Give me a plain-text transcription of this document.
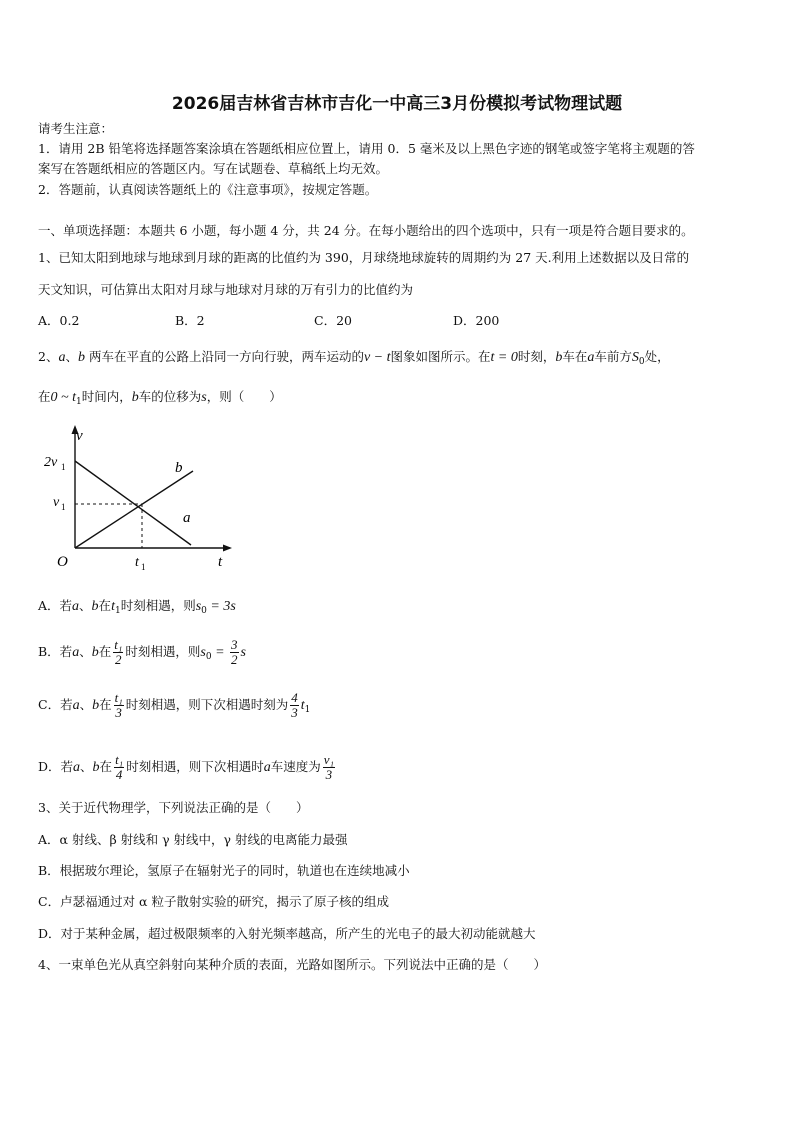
2026届吉林省吉林市吉化一中高三3月份模拟考试物理试题
请考生注意：
1．请用 2B 铅笔将选择题答案涂填在答题纸相应位置上，请用 0．5 毫米及以上黑色字迹的钢笔或签字笔将主观题的答
案写在答题纸相应的答题区内。写在试题卷、草稿纸上均无效。
2．答题前，认真阅读答题纸上的《注意事项》，按规定答题。
一、单项选择题：本题共 6 小题，每小题 4 分，共 24 分。在每小题给出的四个选项中，只有一项是符合题目要求的。
1、已知太阳到地球与地球到月球的距离的比值约为 390，月球绕地球旋转的周期约为 27 天.利用上述数据以及日常的
天文知识，可估算出太阳对月球与地球对月球的万有引力的比值约为
A．0.2	B．2	C．20	D．200
2、a、b 两车在平直的公路上沿同一方向行驶，两车运动的v − t图象如图所示。在t = 0时刻，b车在a车前方$S_0$处，
在0 ~ $t_1$时间内，b车的位移为s，则（　　）
v
t
O
2v 1
v 1
t 1
b
a
A．若a、b在$t_1$时刻相遇，则$s_0 = 3s$
B．若a、b在 $\frac{\text{t₁}}{2}$ 时刻相遇，则$s_0 = \frac{3}{2}$ s
C．若a、b在 $\frac{\text{t₁}}{3}$ 时刻相遇，则下次相遇时刻为 $\frac{4}{3} t_1$
D．若a、b在 $\frac{\text{t₁}}{4}$ 时刻相遇，则下次相遇时a车速度为 $\frac{\text{v₁}}{3}$
3、关于近代物理学，下列说法正确的是（　　）
A．α 射线、β 射线和 γ 射线中，γ 射线的电离能力最强
B．根据玻尔理论，氢原子在辐射光子的同时，轨道也在连续地减小
C．卢瑟福通过对 α 粒子散射实验的研究，揭示了原子核的组成
D．对于某种金属，超过极限频率的入射光频率越高，所产生的光电子的最大初动能就越大
4、一束单色光从真空斜射向某种介质的表面，光路如图所示。下列说法中正确的是（　　）
